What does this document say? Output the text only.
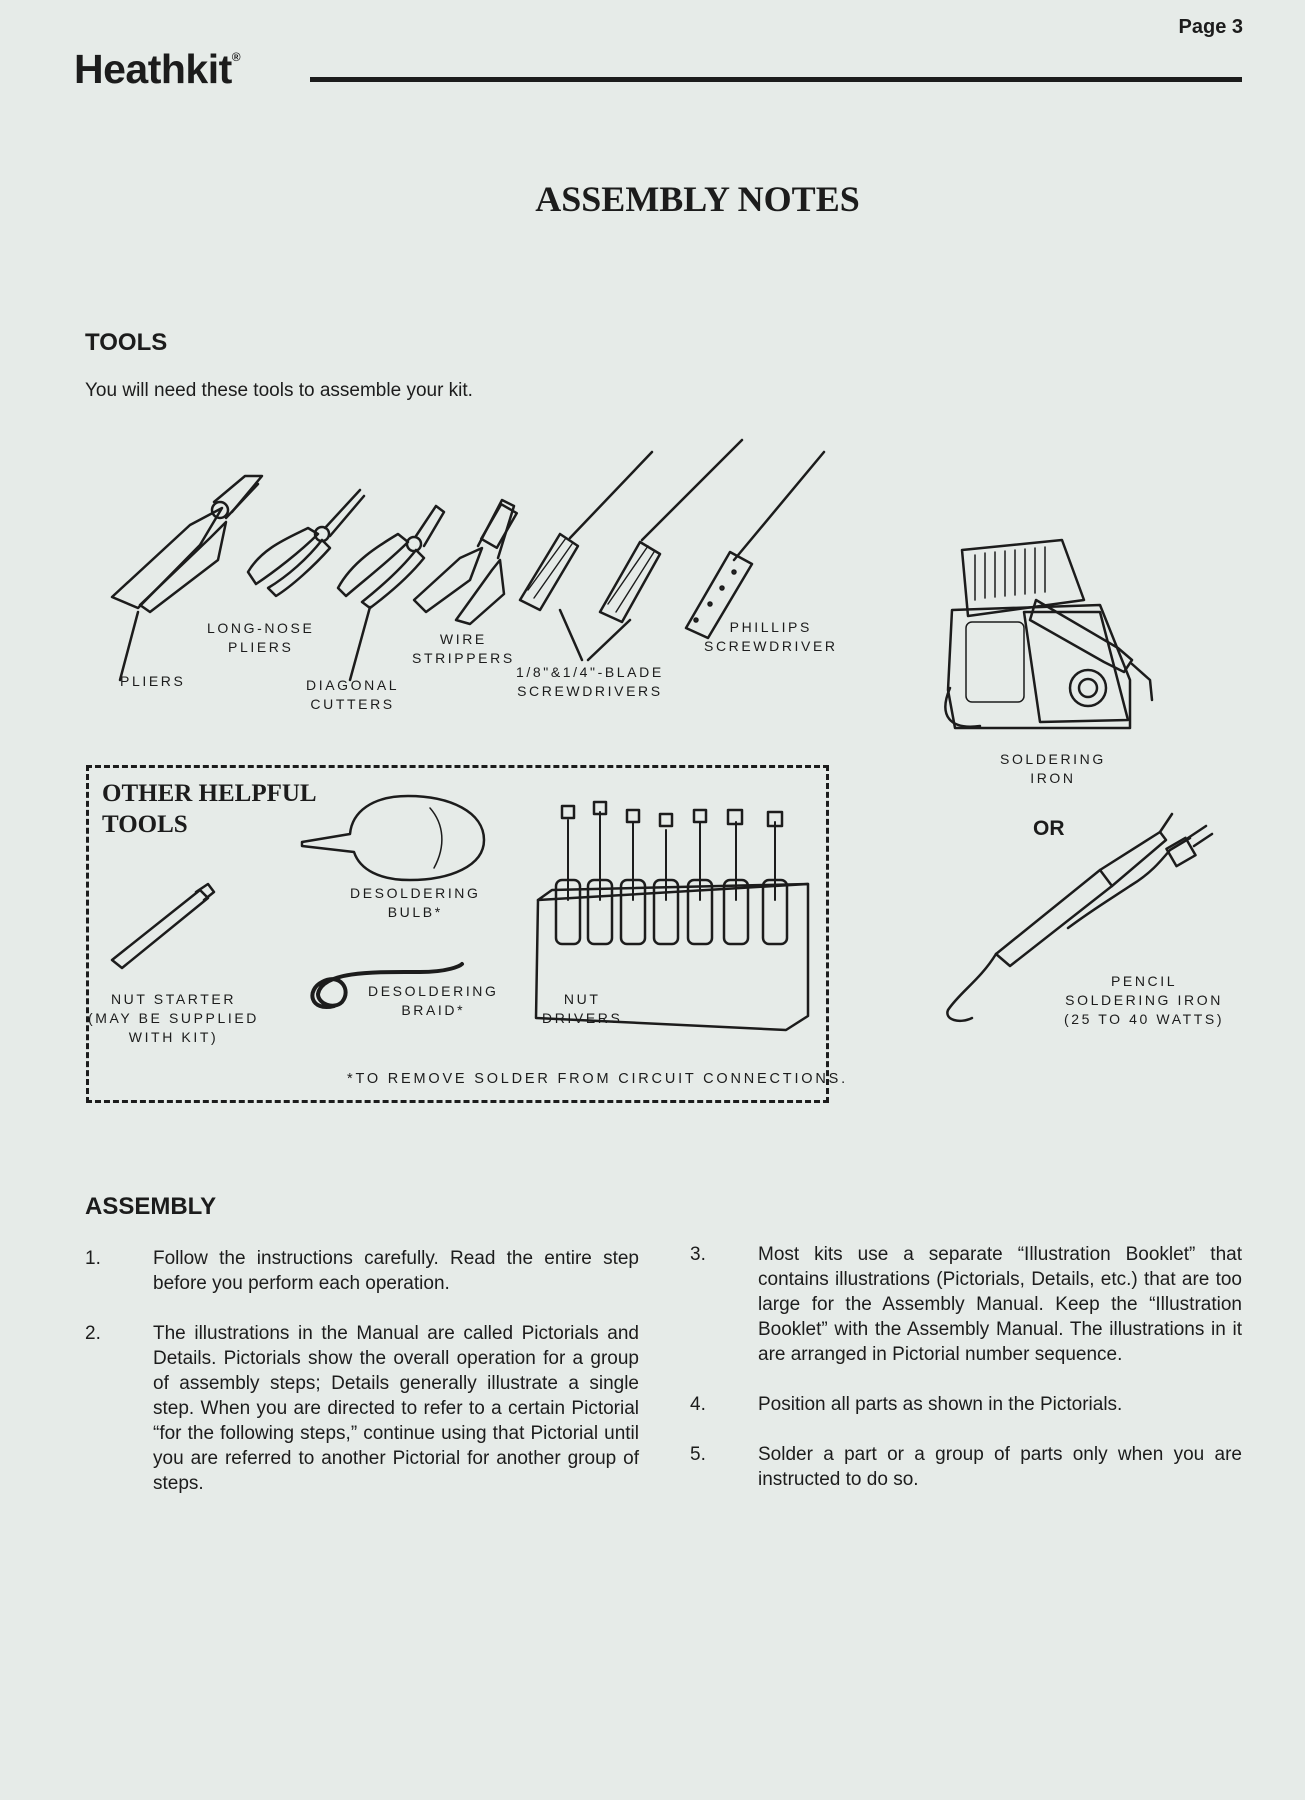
Page 3
Heathkit®
ASSEMBLY NOTES
TOOLS
You will need these tools to assemble your kit.
PLIERS
LONG-NOSE
PLIERS
DIAGONAL
CUTTERS
WIRE
STRIPPERS
1/8"&1/4"-BLADE
SCREWDRIVERS
PHILLIPS
SCREWDRIVER
SOLDERING
IRON
OR
PENCIL
SOLDERING IRON
(25 TO 40 WATTS)
OTHER HELPFUL
TOOLS
DESOLDERING
BULB*
NUT STARTER
(MAY BE SUPPLIED
WITH KIT)
DESOLDERING
BRAID*
NUT
DRIVERS
*TO REMOVE SOLDER FROM CIRCUIT CONNECTIONS.
ASSEMBLY
1.	Follow the instructions carefully. Read the entire step before you perform each operation.
2.	The illustrations in the Manual are called Pictorials and Details. Pictorials show the overall operation for a group of assembly steps; Details generally illustrate a single step. When you are directed to refer to a certain Pictorial “for the following steps,” continue using that Pictorial until you are referred to another Pictorial for another group of steps.
3.	Most kits use a separate “Illustration Booklet” that contains illustrations (Pictorials, Details, etc.) that are too large for the Assembly Manual. Keep the “Illustration Booklet” with the Assembly Manual. The illustrations in it are arranged in Pictorial number sequence.
4.	Position all parts as shown in the Pictorials.
5.	Solder a part or a group of parts only when you are instructed to do so.
